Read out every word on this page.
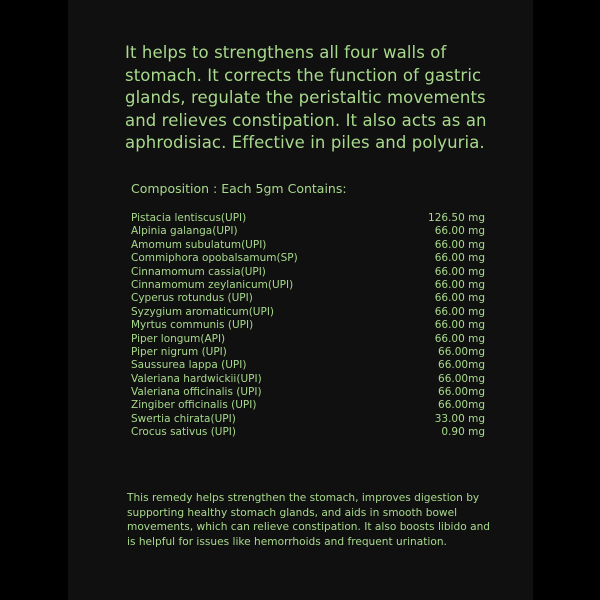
It helps to strengthens all four walls of stomach. It corrects the function of gastric glands, regulate the peristaltic movements and relieves constipation. It also acts as an aphrodisiac. Effective in piles and polyuria.

Composition : Each 5gm Contains:

Pistacia lentiscus(UPI)	126.50 mg
Alpinia galanga(UPI)	66.00 mg
Amomum subulatum(UPI)	66.00 mg
Commiphora opobalsamum(SP)	66.00 mg
Cinnamomum cassia(UPI)	66.00 mg
Cinnamomum zeylanicum(UPI)	66.00 mg
Cyperus rotundus (UPI)	66.00 mg
Syzygium aromaticum(UPI)	66.00 mg
Myrtus communis (UPI)	66.00 mg
Piper longum(API)	66.00 mg
Piper nigrum (UPI)	66.00mg
Saussurea lappa (UPI)	66.00mg
Valeriana hardwickii(UPI)	66.00mg
Valeriana officinalis (UPI)	66.00mg
Zingiber officinalis (UPI)	66.00mg
Swertia chirata(UPI)	33.00 mg
Crocus sativus (UPI)	0.90 mg

This remedy helps strengthen the stomach, improves digestion by supporting healthy stomach glands, and aids in smooth bowel movements, which can relieve constipation. It also boosts libido and is helpful for issues like hemorrhoids and frequent urination.
